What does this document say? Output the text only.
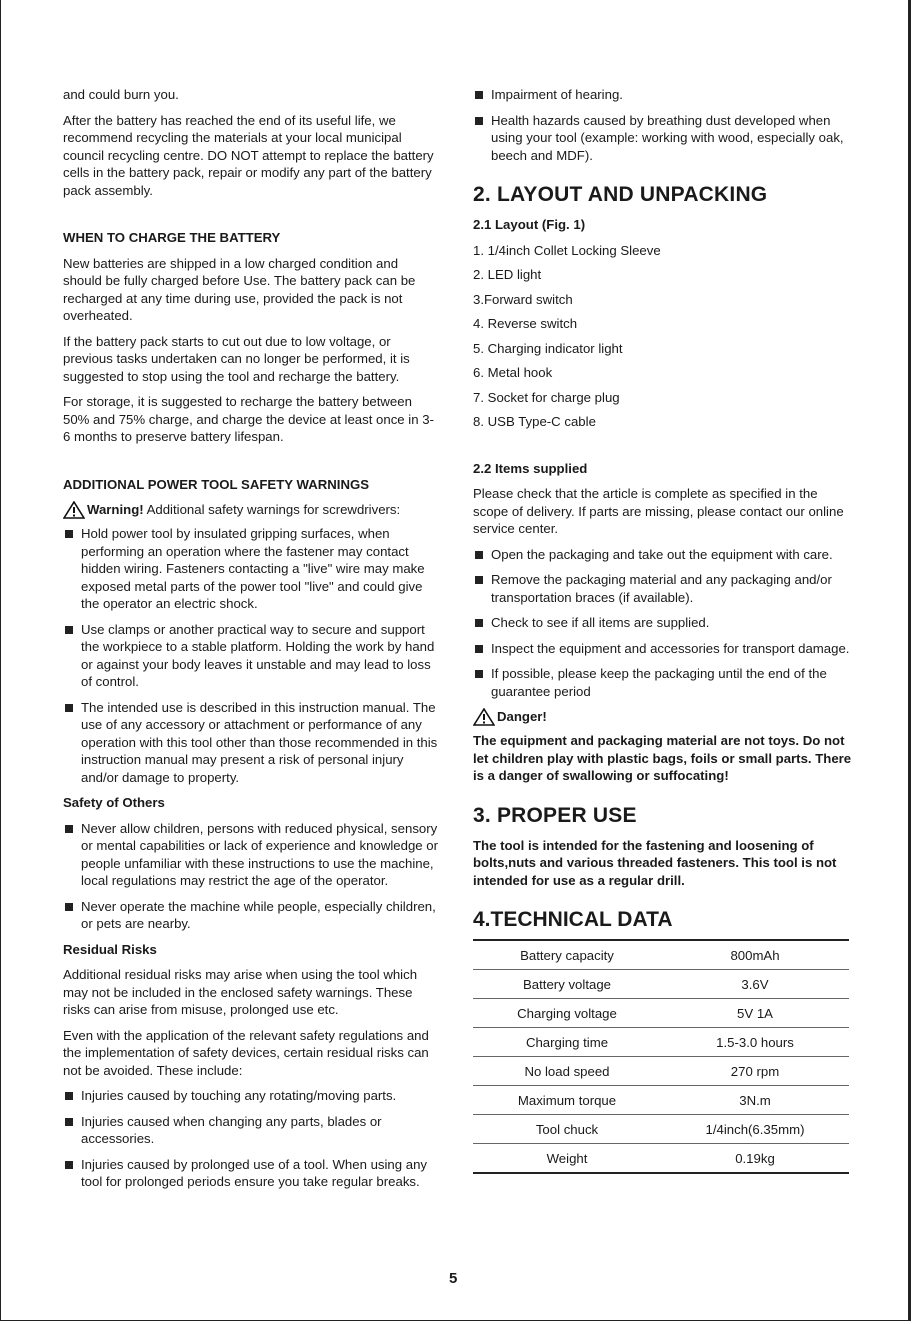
and could burn you.

After the battery has reached the end of its useful life, we recommend recycling the materials at your local municipal council recycling centre. DO NOT attempt to replace the battery cells in the battery pack, repair or modify any part of the battery pack assembly.

WHEN TO CHARGE THE BATTERY

New batteries are shipped in a low charged condition and should be fully charged before Use. The battery pack can be recharged at any time during use, provided the pack is not overheated.

If the battery pack starts to cut out due to low voltage, or previous tasks undertaken can no longer be performed, it is suggested to stop using the tool and recharge the battery.

For storage, it is suggested to recharge the battery between 50% and 75% charge, and charge the device at least once in 3-6 months to preserve battery lifespan.

ADDITIONAL POWER TOOL SAFETY WARNINGS
Warning! Additional safety warnings for screwdrivers:
Hold power tool by insulated gripping surfaces, when performing an operation where the fastener may contact hidden wiring. Fasteners contacting a "live" wire may make exposed metal parts of the power tool "live" and could give the operator an electric shock.
Use clamps or another practical way to secure and support the workpiece to a stable platform. Holding the work by hand or against your body leaves it unstable and may lead to loss of control.
The intended use is described in this instruction manual. The use of any accessory or attachment or performance of any operation with this tool other than those recommended in this instruction manual may present a risk of personal injury and/or damage to property.
Safety of Others
Never allow children, persons with reduced physical, sensory or mental capabilities or lack of experience and knowledge or people unfamiliar with these instructions to use the machine, local regulations may restrict the age of the operator.
Never operate the machine while people, especially children, or pets are nearby.
Residual Risks

Additional residual risks may arise when using the tool which may not be included in the enclosed safety warnings. These risks can arise from misuse, prolonged use etc.

Even with the application of the relevant safety regulations and the implementation of safety devices, certain residual risks can not be avoided. These include:

Injuries caused by touching any rotating/moving parts.
Injuries caused when changing any parts, blades or accessories.
Injuries caused by prolonged use of a tool. When using any tool for prolonged periods ensure you take regular breaks.
Impairment of hearing.
Health hazards caused by breathing dust developed when using your tool (example: working with wood, especially oak, beech and MDF).
2. LAYOUT AND UNPACKING
2.1 Layout (Fig. 1)

1. 1/4inch Collet Locking Sleeve

2. LED light

3.Forward switch

4. Reverse switch

5. Charging indicator light

6. Metal hook

7. Socket for charge plug

8. USB Type-C cable

2.2 Items supplied

Please check that the article is complete as specified in the scope of delivery. If parts are missing, please contact our online service center.

Open the packaging and take out the equipment with care.
Remove the packaging material and any packaging and/or transportation braces (if available).
Check to see if all items are supplied.
Inspect the equipment and accessories for transport damage.
If possible, please keep the packaging until the end of the guarantee period
Danger!

The equipment and packaging material are not toys. Do not let children play with plastic bags, foils or small parts. There is a danger of swallowing or suffocating!

3. PROPER USE

The tool is intended for the fastening and loosening of bolts,nuts and various threaded fasteners. This tool is not intended for use as a regular drill.

4.TECHNICAL DATA
Battery capacity	800mAh
Battery voltage	3.6V
Charging voltage	5V 1A
Charging time	1.5-3.0 hours
No load speed	270 rpm
Maximum torque	3N.m
Tool chuck	1/4inch(6.35mm)
Weight	0.19kg
5
